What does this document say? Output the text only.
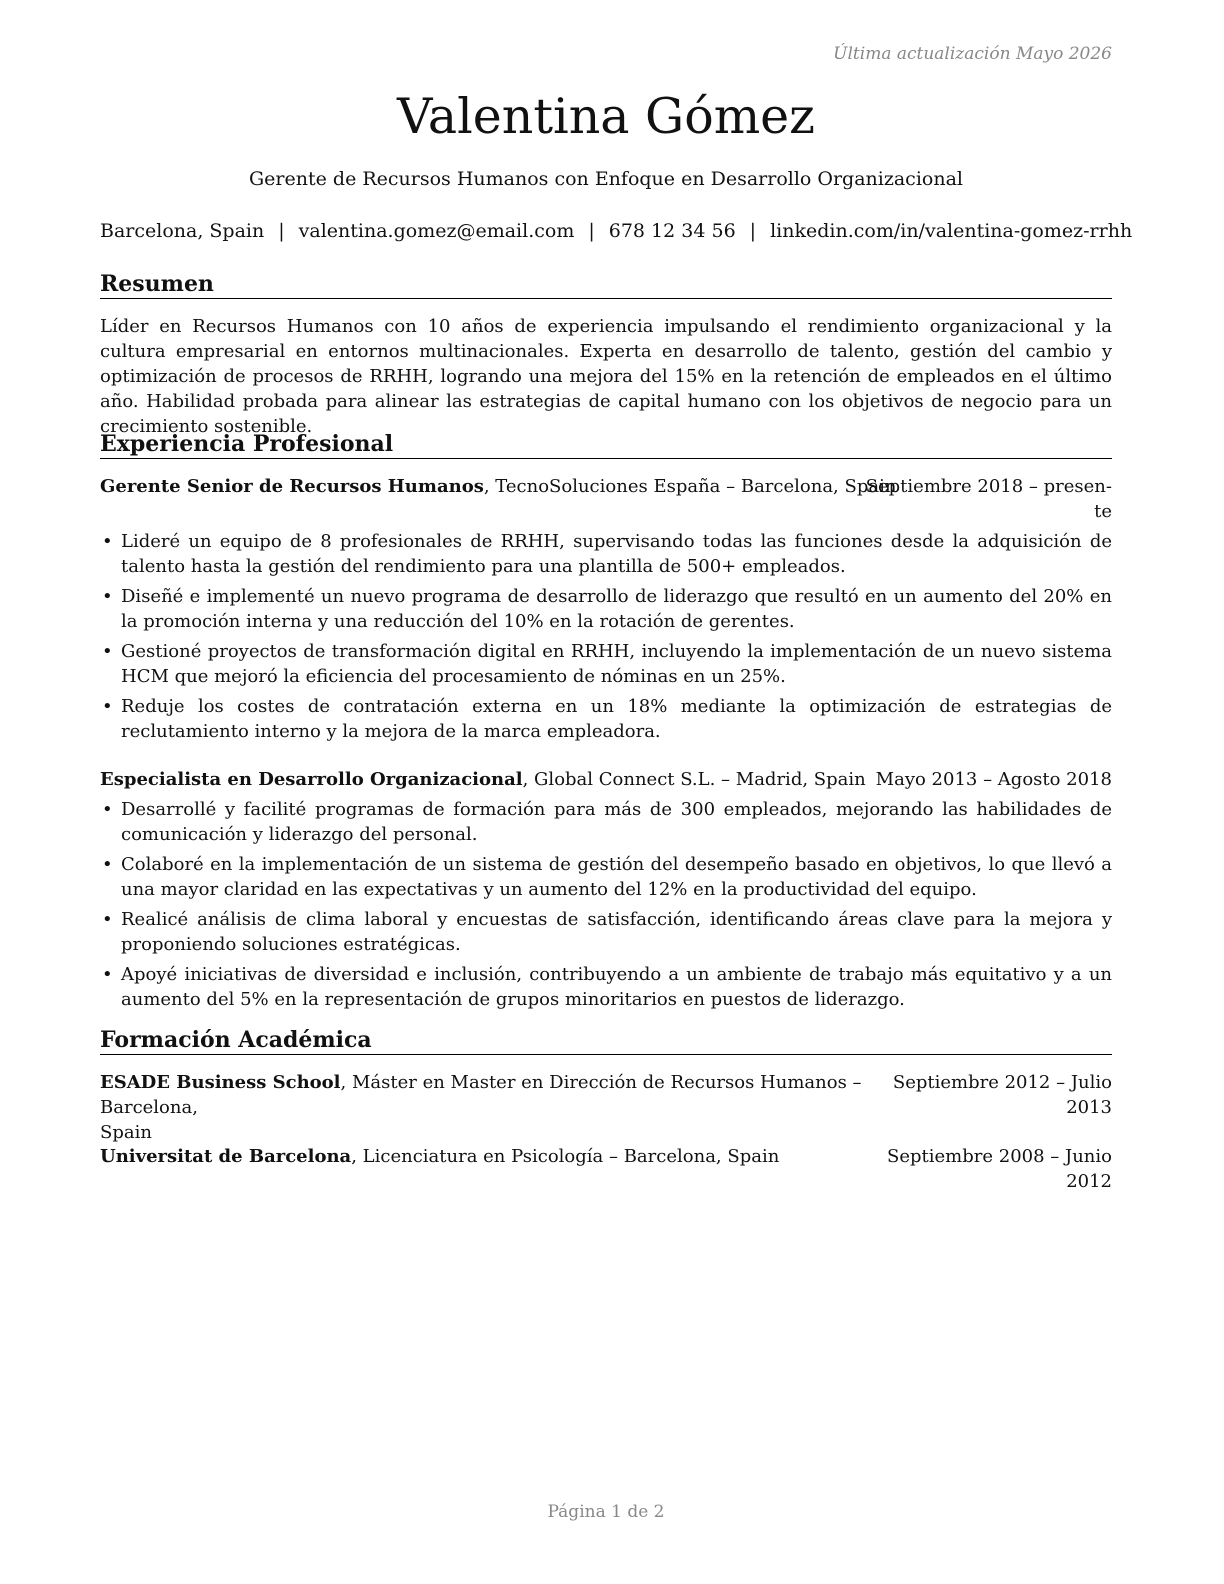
Última actualización Mayo 2026
Valentina Gómez
Gerente de Recursos Humanos con Enfoque en Desarrollo Organizacional
Barcelona, Spain | valentina.gomez@email.com | 678 12 34 56 | linkedin.com/in/valentina-gomez-rrhh
Resumen
Líder en Recursos Humanos con 10 años de experiencia impulsando el rendimiento organizacional y la cultura empresarial en entornos multinacionales. Experta en desarrollo de talento, gestión del cambio y optimización de procesos de RRHH, logrando una mejora del 15% en la retención de empleados en el último año. Habilidad probada para alinear las estrategias de capital humano con los objetivos de negocio para un crecimiento sostenible.
Experiencia Profesional
Gerente Senior de Recursos Humanos, TecnoSoluciones España – Barcelona, Spain
Septiembre 2018 – presen-
te
• Lideré un equipo de 8 profesionales de RRHH, supervisando todas las funciones desde la adquisición de talento hasta la gestión del rendimiento para una plantilla de 500+ empleados.
• Diseñé e implementé un nuevo programa de desarrollo de liderazgo que resultó en un aumento del 20% en la promoción interna y una reducción del 10% en la rotación de gerentes.
• Gestioné proyectos de transformación digital en RRHH, incluyendo la implementación de un nuevo sistema HCM que mejoró la eficiencia del procesamiento de nóminas en un 25%.
• Reduje los costes de contratación externa en un 18% mediante la optimización de estrategias de reclutamiento interno y la mejora de la marca empleadora.
Especialista en Desarrollo Organizacional, Global Connect S.L. – Madrid, Spain Mayo 2013 – Agosto 2018
• Desarrollé y facilité programas de formación para más de 300 empleados, mejorando las habilidades de comunicación y liderazgo del personal.
• Colaboré en la implementación de un sistema de gestión del desempeño basado en objetivos, lo que llevó a una mayor claridad en las expectativas y un aumento del 12% en la productividad del equipo.
• Realicé análisis de clima laboral y encuestas de satisfacción, identificando áreas clave para la mejora y proponiendo soluciones estratégicas.
• Apoyé iniciativas de diversidad e inclusión, contribuyendo a un ambiente de trabajo más equitativo y a un aumento del 5% en la representación de grupos minoritarios en puestos de liderazgo.
Formación Académica
ESADE Business School, Máster en Master en Dirección de Recursos Humanos – Barcelona,
Spain
Septiembre 2012 – Julio
2013
Universitat de Barcelona, Licenciatura en Psicología – Barcelona, Spain	Septiembre 2008 – Junio
2012
Página 1 de 2
